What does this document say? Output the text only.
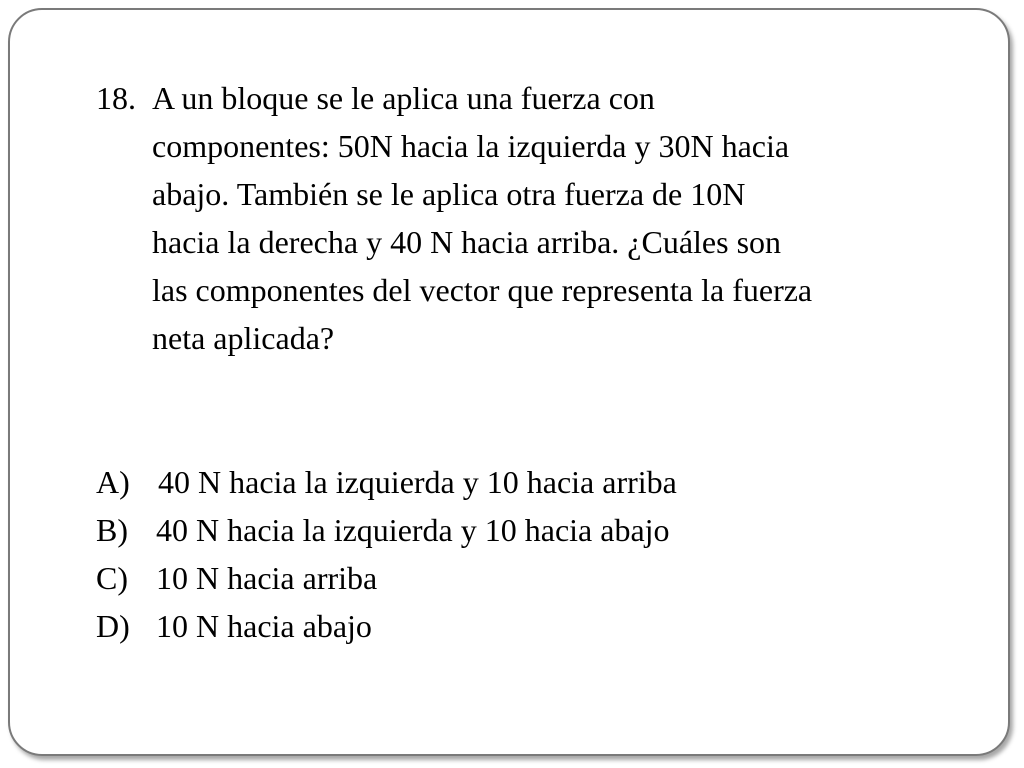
18. A un bloque se le aplica una fuerza con
componentes: 50N hacia la izquierda y 30N hacia
abajo. También se le aplica otra fuerza de 10N
hacia la derecha y 40 N hacia arriba. ¿Cuáles son
las componentes del vector que representa la fuerza
neta aplicada?
A) 40 N hacia la izquierda y 10 hacia arriba
B) 40 N hacia la izquierda y 10 hacia abajo
C) 10 N hacia arriba
D) 10 N hacia abajo
